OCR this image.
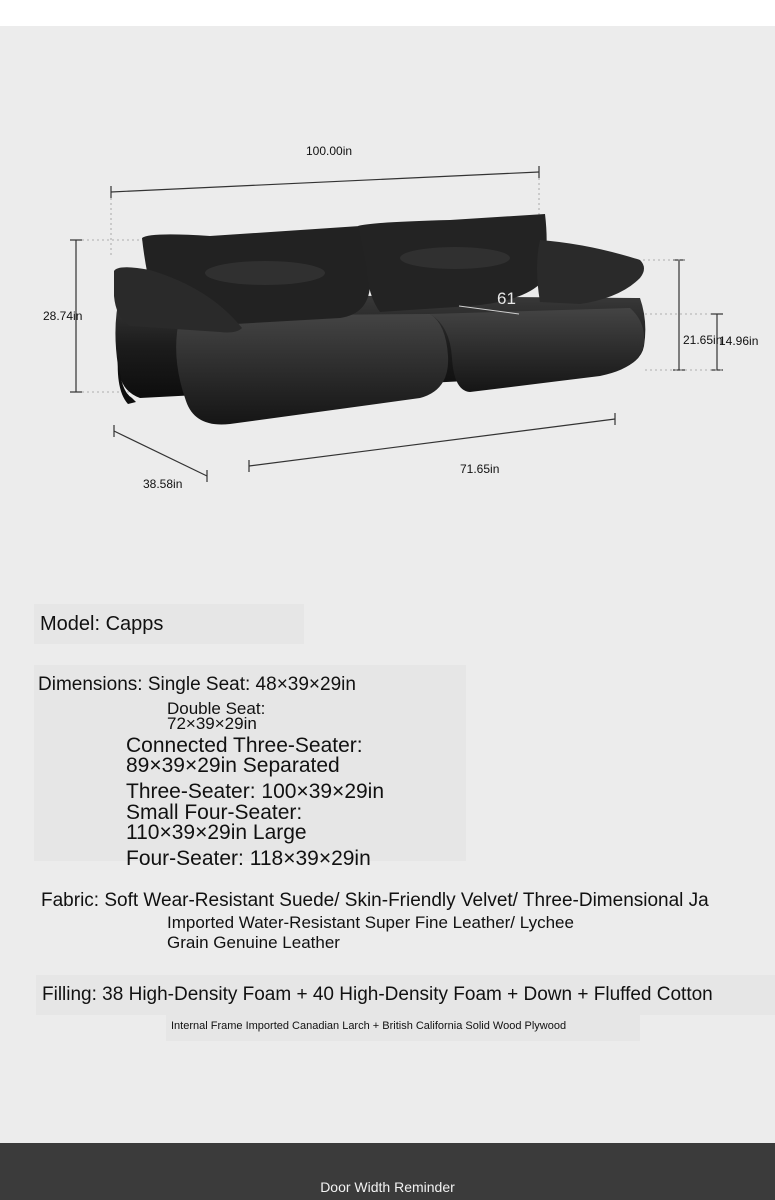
61
100.00in
28.74in
38.58in
71.65in
21.65in
14.96in
Model: Capps
Dimensions: Single Seat: 48×39×29in
Double Seat:
72×39×29in
Connected Three-Seater:
89×39×29in Separated
Three-Seater: 100×39×29in
Small Four-Seater:
110×39×29in Large
Four-Seater: 118×39×29in
Fabric: Soft Wear-Resistant Suede/ Skin-Friendly Velvet/ Three-Dimensional Ja
Imported Water-Resistant Super Fine Leather/ Lychee
Grain Genuine Leather
Filling: 38 High-Density Foam + 40 High-Density Foam + Down + Fluffed Cotton
Internal Frame Imported Canadian Larch + British California Solid Wood Plywood
Door Width Reminder
